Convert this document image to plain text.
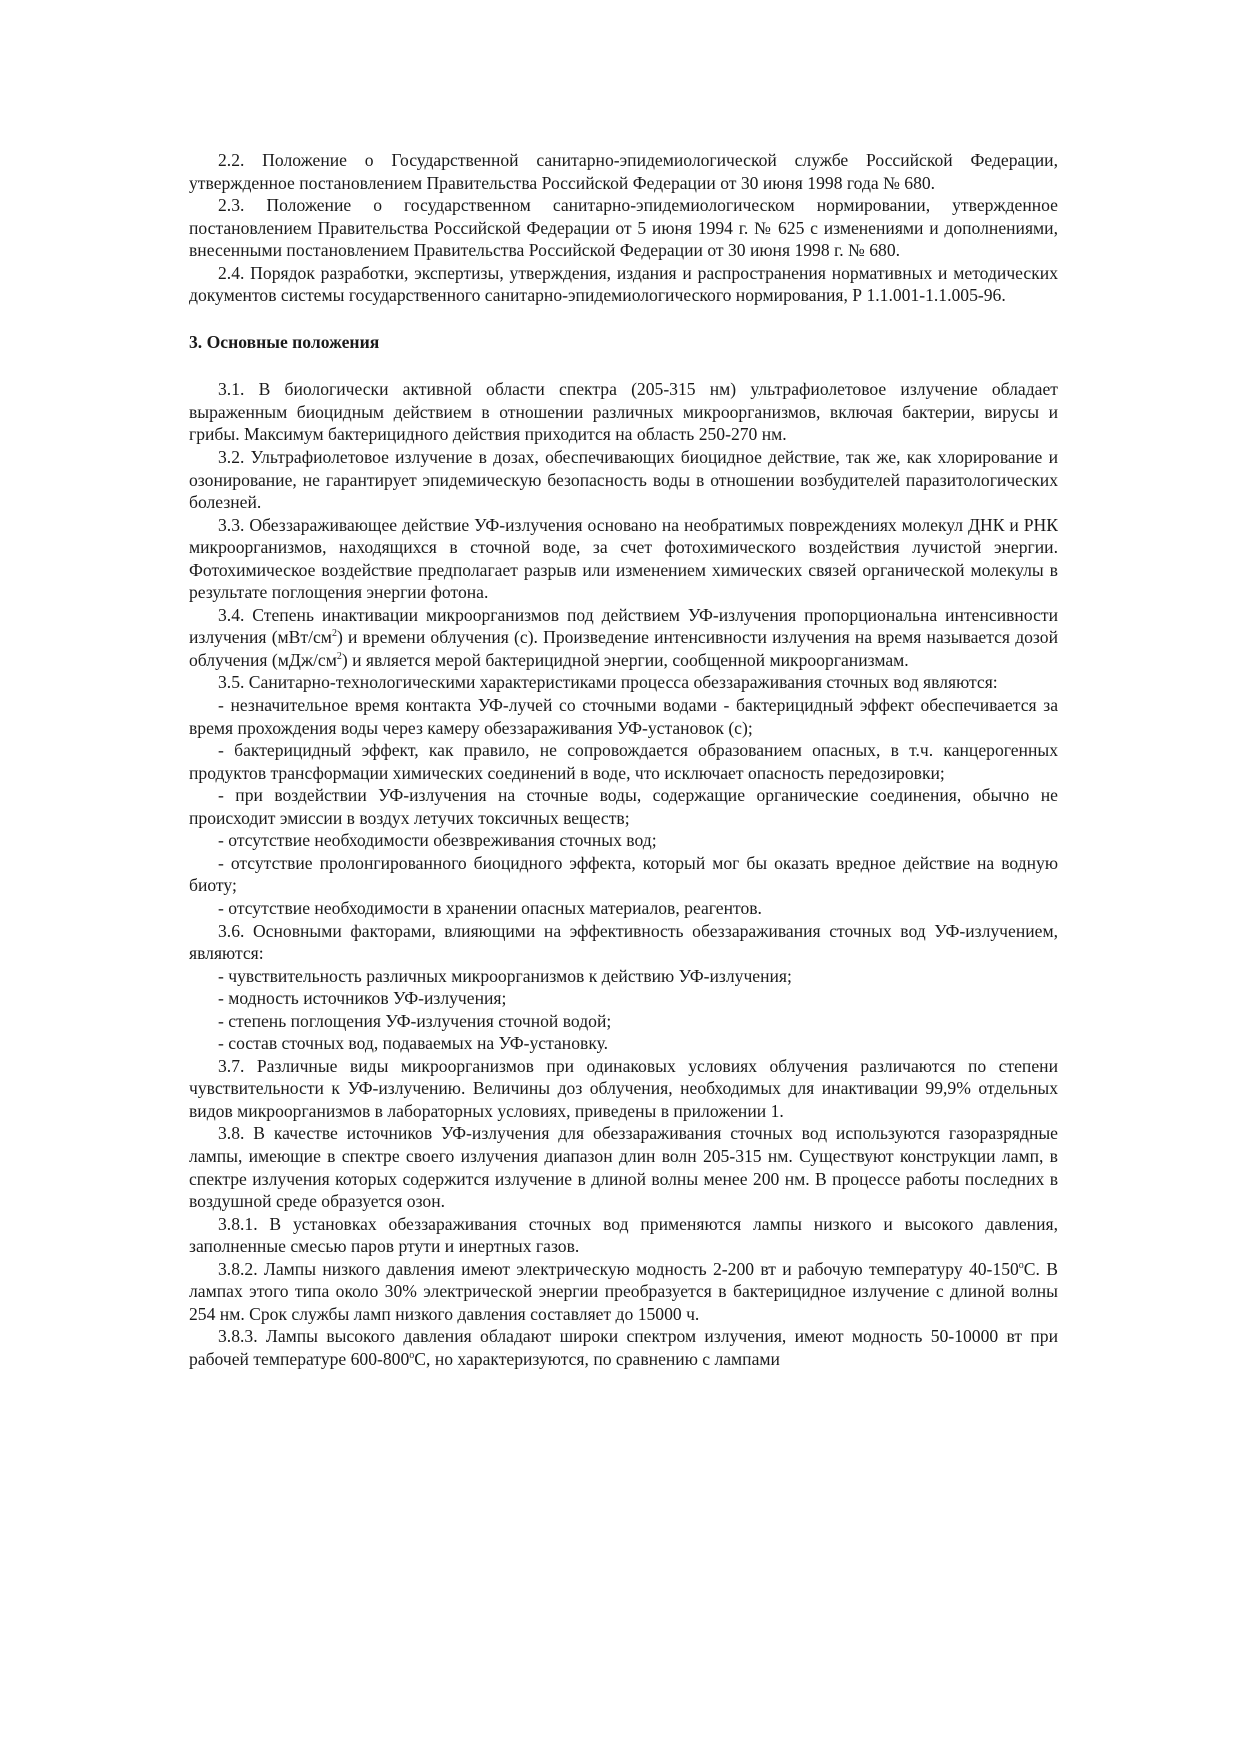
2.2. Положение о Государственной санитарно-эпидемиологической службе Российской Федерации, утвержденное постановлением Правительства Российской Федерации от 30 июня 1998 года № 680.

2.3. Положение о государственном санитарно-эпидемиологическом нормировании, утвержденное постановлением Правительства Российской Федерации от 5 июня 1994 г. № 625 с изменениями и дополнениями, внесенными постановлением Правительства Российской Федерации от 30 июня 1998 г. № 680.

2.4. Порядок разработки, экспертизы, утверждения, издания и распространения нормативных и методических документов системы государственного санитарно-эпидемиологического нормирования, Р 1.1.001-1.1.005-96.

3. Основные положения

3.1. В биологически активной области спектра (205-315 нм) ультрафиолетовое излучение обладает выраженным биоцидным действием в отношении различных микроорганизмов, включая бактерии, вирусы и грибы. Максимум бактерицидного действия приходится на область 250-270 нм.

3.2. Ультрафиолетовое излучение в дозах, обеспечивающих биоцидное действие, так же, как хлорирование и озонирование, не гарантирует эпидемическую безопасность воды в отношении возбудителей паразитологических болезней.

3.3. Обеззараживающее действие УФ-излучения основано на необратимых повреждениях молекул ДНК и РНК микроорганизмов, находящихся в сточной воде, за счет фотохимического воздействия лучистой энергии. Фотохимическое воздействие предполагает разрыв или изменением химических связей органической молекулы в результате поглощения энергии фотона.

3.4. Степень инактивации микроорганизмов под действием УФ-излучения пропорциональна интенсивности излучения $(мВт/см^2)$ и времени облучения (с). Произведение интенсивности излучения на время называется дозой облучения $(мДж/см^2)$ и является мерой бактерицидной энергии, сообщенной микроорганизмам.

3.5. Санитарно-технологическими характеристиками процесса обеззараживания сточных вод являются:

- незначительное время контакта УФ-лучей со сточными водами - бактерицидный эффект обеспечивается за время прохождения воды через камеру обеззараживания УФ-установок (с);

- бактерицидный эффект, как правило, не сопровождается образованием опасных, в т.ч. канцерогенных продуктов трансформации химических соединений в воде, что исключает опасность передозировки;

- при воздействии УФ-излучения на сточные воды, содержащие органические соединения, обычно не происходит эмиссии в воздух летучих токсичных веществ;

- отсутствие необходимости обезвреживания сточных вод;

- отсутствие пролонгированного биоцидного эффекта, который мог бы оказать вредное действие на водную биоту;

- отсутствие необходимости в хранении опасных материалов, реагентов.

3.6. Основными факторами, влияющими на эффективность обеззараживания сточных вод УФ-излучением, являются:

- чувствительность различных микроорганизмов к действию УФ-излучения;

- модность источников УФ-излучения;

- степень поглощения УФ-излучения сточной водой;

- состав сточных вод, подаваемых на УФ-установку.

3.7. Различные виды микроорганизмов при одинаковых условиях облучения различаются по степени чувствительности к УФ-излучению. Величины доз облучения, необходимых для инактивации 99,9% отдельных видов микроорганизмов в лабораторных условиях, приведены в приложении 1.

3.8. В качестве источников УФ-излучения для обеззараживания сточных вод используются газоразрядные лампы, имеющие в спектре своего излучения диапазон длин волн 205-315 нм. Существуют конструкции ламп, в спектре излучения которых содержится излучение в длиной волны менее 200 нм. В процессе работы последних в воздушной среде образуется озон.

3.8.1. В установках обеззараживания сточных вод применяются лампы низкого и высокого давления, заполненные смесью паров ртути и инертных газов.

3.8.2. Лампы низкого давления имеют электрическую модность 2-200 вт и рабочую температуру $40-150^оС$. В лампах этого типа около 30% электрической энергии преобразуется в бактерицидное излучение с длиной волны 254 нм. Срок службы ламп низкого давления составляет до 15000 ч.

3.8.3. Лампы высокого давления обладают широки спектром излучения, имеют модность 50-10000 вт при рабочей температуре $600-800^оС$, но характеризуются, по сравнению с лампами
